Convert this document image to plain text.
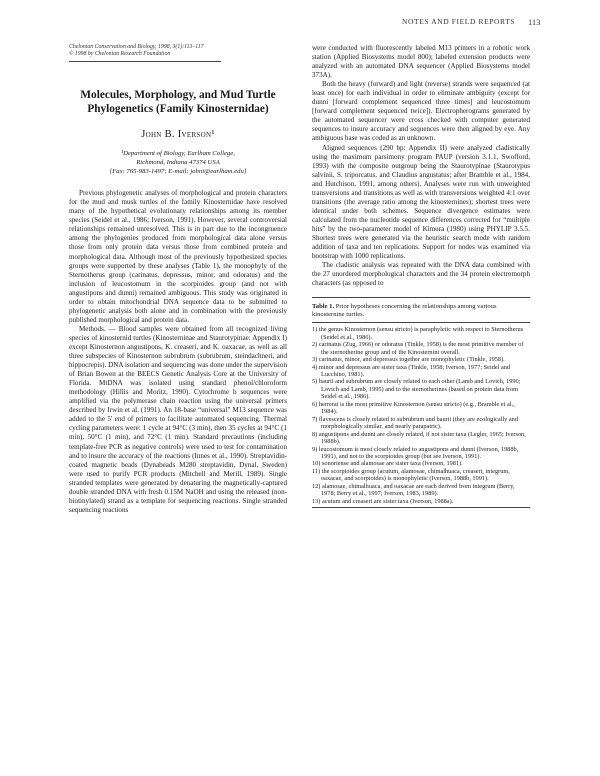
NOTES AND FIELD REPORTS 113
Chelonian Conservation and Biology, 1998, 3(1):113–117
© 1998 by Chelonian Research Foundation
Molecules, Morphology, and Mud Turtle Phylogenetics (Family Kinosternidae)
John B. Iverson¹
¹Department of Biology, Earlham College,
Richmond, Indiana 47374 USA
[Fax: 765-983-1497; E-mail: johni@earlham.edu]

Previous phylogenetic analyses of morphological and protein characters for the mud and musk turtles of the family Kinosternidae have resolved many of the hypothetical evolutionary relationships among its member species (Seidel et al., 1986; Iverson, 1991). However, several controversial relationships remained unresolved. This is in part due to the incongruence among the phylogenies produced from morphological data alone versus those from only protein data versus those from combined protein and morphological data. Although most of the previously hypothesized species groups were supported by these analyses (Table 1), the monophyly of the Sternotherus group (carinatus, depressus, minor, and odoratus) and the inclusion of leucostomum in the scorpioides group (and not with angustipons and dunni) remained ambiguous. This study was originated in order to obtain mitochondrial DNA sequence data to be submitted to phylogenetic analysis both alone and in combination with the previously published morphological and protein data.

Methods. — Blood samples were obtained from all recognized living species of kinosternid turtles (Kinosterninae and Staurotypinae: Appendix I) except Kinosternon angustipons, K. creaseri, and K. oaxacae, as well as all three subspecies of Kinosternon subrubrum (subrubrum, steindachneri, and hippocrepis). DNA isolation and sequencing was done under the supervision of Brian Bowen at the BEECS Genetic Analysis Core at the University of Florida. MtDNA was isolated using standard phenol/chloroform methodology (Hillis and Moritz, 1990). Cytochrome b sequences were amplified via the polymerase chain reaction using the universal primers described by Irwin et al. (1991). An 18-base “universal” M13 sequence was added to the 5' end of primers to facilitate automated sequencing. Thermal cycling parameters were: 1 cycle at 94°C (3 min), then 35 cycles at 94°C (1 min), 50°C (1 min), and 72°C (1 min). Standard precautions (including template-free PCR as negative controls) were used to test for contamination and to insure the accuracy of the reactions (Innes et al., 1990). Streptavidin-coated magnetic beads (Dynabeads M280 streptavidin, Dynal, Sweden) were used to purify PCR products (Mitchell and Merill, 1989). Single stranded templates were generated by denaturing the magnetically-captured double stranded DNA with fresh 0.15M NaOH and using the released (non-biotinylated) strand as a template for sequencing reactions. Single stranded sequencing reactions

were conducted with fluorescently labeled M13 primers in a robotic work station (Applied Biosystems model 800); labeled extension products were analyzed with an automated DNA sequencer (Applied Biosystems model 373A).

Both the heavy (forward) and light (reverse) strands were sequenced (at least once) for each individual in order to eliminate ambiguity (except for dunni [forward complement sequenced three times] and leucostomum [forward complement sequenced twice]). Electropherograms generated by the automated sequencer were cross checked with computer generated sequences to insure accuracy and sequences were then aligned by eye. Any ambiguous base was coded as an unknown.

Aligned sequences (290 bp: Appendix II) were analyzed cladistically using the maximum parsimony program PAUP (version 3.1.1, Swofford, 1993) with the composite outgroup being the Staurotypinae (Staurotypus salvinii, S. triporcatus, and Claudius angustatus; after Bramble et al., 1984, and Hutchison, 1991, among others). Analyses were run with unweighted transversions and transitions as well as with transversions weighted 4:1 over transitions (the average ratio among the kinosternines); shortest trees were identical under both schemes. Sequence divergence estimates were calculated from the nucleotide sequence differences corrected for “multiple hits” by the two-parameter model of Kimura (1980) using PHYLIP 3.5.5. Shortest trees were generated via the heuristic search mode with random addition of taxa and ten replications. Support for nodes was examined via bootstrap with 1000 replications.

The cladistic analysis was repeated with the DNA data combined with the 27 unordered morphological characters and the 34 protein electromorph characters (as opposed to

Table 1. Prior hypotheses concerning the relationships among various kinosternine turtles.
1) the genus Kinosternon (sensu stricto) is paraphyletic with respect to Sternotherus (Seidel et al., 1986).
2) carinatus (Zug, 1966) or odoratus (Tinkle, 1958) is the most primitive member of the sternotherine group and of the Kinosternini overall.
3) carinatus, minor, and depressus together are monophyletic (Tinkle, 1958).
4) minor and depressus are sister taxa (Tinkle, 1958; Iverson, 1977; Seidel and Lucchino, 1981).
5) baurii and subrubrum are closely related to each other (Lamb and Lovich, 1990; Lovich and Lamb, 1995) and to the sternotherines (based on protein data from Seidel et al., 1986).
6) herrerai is the most primitive Kinosternon (sensu stricto) (e.g., Bramble et al., 1984).
7) flavescens is closely related to subrubrum and baurii (they are ecologically and morphologically similar, and nearly parapatric).
8) angustipons and dunni are closely related, if not sister taxa (Legler, 1965; Iverson, 1988b).
9) leucostomum is most closely related to angustipons and dunni (Iverson, 1988b, 1991), and not to the scorpioides group (but see Iverson, 1991).
10) sonoriense and alamosae are sister taxa (Iverson, 1981).
11) the scorpioides group (acutum, alamosae, chimalhuaca, creaseri, integrum, oaxacae, and scorpioides) is monophyletic (Iverson, 1988b, 1991).
12) alamosae, chimalhuaca, and oaxacae are each derived from integrum (Berry, 1978; Berry et al., 1997; Iverson, 1983, 1989).
13) acutum and creaseri are sister taxa (Iverson, 1988a).
